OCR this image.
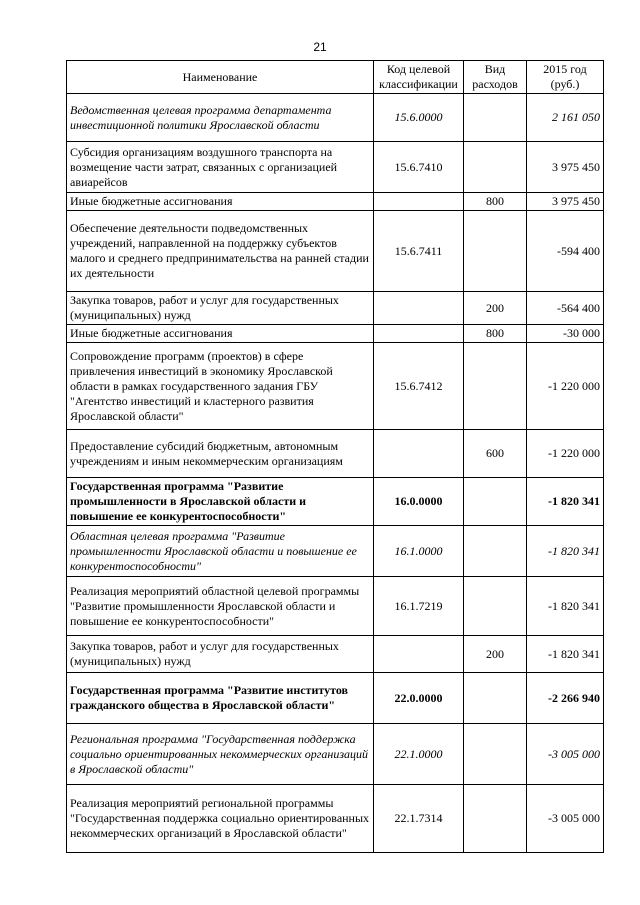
21
Наименование	Код целевой классификации	Вид расходов	2015 год (руб.)
Ведомственная целевая программа департамента инвестиционной политики Ярославской области	15.6.0000		2 161 050
Субсидия организациям воздушного транспорта на возмещение части затрат, связанных с организацией авиарейсов	15.6.7410		3 975 450
Иные бюджетные ассигнования		800	3 975 450
Обеспечение деятельности подведомственных учреждений, направленной на поддержку субъектов малого и среднего предпринимательства на ранней стадии их деятельности	15.6.7411		-594 400
Закупка товаров, работ и услуг для государственных (муниципальных) нужд		200	-564 400
Иные бюджетные ассигнования		800	-30 000
Сопровождение программ (проектов) в сфере привлечения инвестиций в экономику Ярославской области в рамках государственного задания ГБУ "Агентство инвестиций и кластерного развития Ярославской области"	15.6.7412		-1 220 000
Предоставление субсидий бюджетным, автономным учреждениям и иным некоммерческим организациям		600	-1 220 000
Государственная программа "Развитие промышленности в Ярославской области и повышение ее конкурентоспособности"	16.0.0000		-1 820 341
Областная целевая программа "Развитие промышленности Ярославской области и повышение ее конкурентоспособности"	16.1.0000		-1 820 341
Реализация мероприятий областной целевой программы "Развитие промышленности Ярославской области и повышение ее конкурентоспособности"	16.1.7219		-1 820 341
Закупка товаров, работ и услуг для государственных (муниципальных) нужд		200	-1 820 341
Государственная программа "Развитие институтов гражданского общества в Ярославской области"	22.0.0000		-2 266 940
Региональная программа "Государственная поддержка социально ориентированных некоммерческих организаций в Ярославской области"	22.1.0000		-3 005 000
Реализация мероприятий региональной программы "Государственная поддержка социально ориентированных некоммерческих организаций в Ярославской области"	22.1.7314		-3 005 000
